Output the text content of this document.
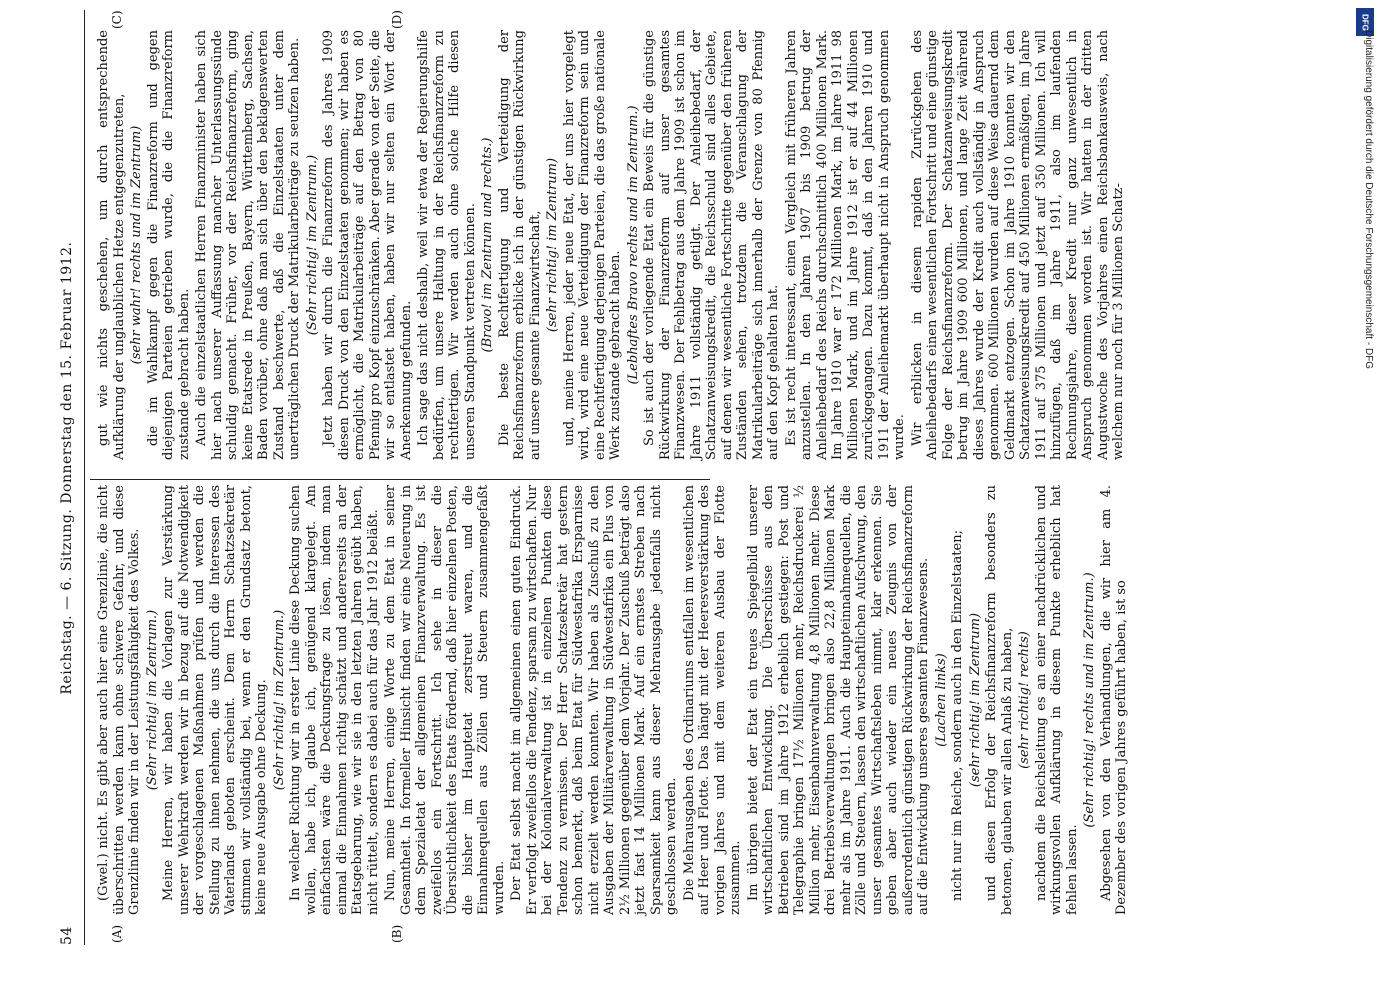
54
Reichstag. — 6. Sitzung. Donnerstag den 15. Februar 1912.
(A)	(B)
(C)	(D)
(Gwel.) nicht. Es gibt aber auch hier eine Grenzlinie, die nicht überschritten werden kann ohne schwere Gefahr, und diese Grenzlinie finden wir in der Leistungsfähigkeit des Volkes. (Sehr richtig! im Zentrum.) Meine Herren, wir haben die Vorlagen zur Verstärkung unserer Wehrkraft werden wir in bezug auf die Notwendigkeit der vorgeschlagenen Maßnahmen prüfen und werden die Stellung zu ihnen nehmen, die uns durch die Interessen des Vaterlands geboten erscheint. Dem Herrn Schatzsekretär stimmen wir vollständig bei, wenn er den Grundsatz betont, keine neue Ausgabe ohne Deckung. (Sehr richtig! im Zentrum.) In welcher Richtung wir in erster Linie diese Deckung suchen wollen, habe ich, glaube ich, genügend klargelegt. Am einfachsten wäre die Deckungsfrage zu lösen, indem man einmal die Einnahmen richtig schätzt und andererseits an der Etatsgebarung, wie wir sie in den letzten Jahren geübt haben, nicht rüttelt, sondern es dabei auch für das Jahr 1912 beläßt. Nun, meine Herren, einige Worte zu dem Etat in seiner Gesamtheit. In formeller Hinsicht finden wir eine Neuerung in dem Spezialetat der allgemeinen Finanzverwaltung. Es ist zweifellos ein Fortschritt. Ich sehe in dieser die Übersichtlichkeit des Etats fördernd, daß hier einzelnen Posten, die bisher im Hauptetat zerstreut waren, und die Einnahmequellen aus Zöllen und Steuern zusammengefaßt wurden. Der Etat selbst macht im allgemeinen einen guten Eindruck. Er verfolgt zweifellos die Tendenz, sparsam zu wirtschaften. Nur bei der Kolonialverwaltung ist in einzelnen Punkten diese Tendenz zu vermissen. Der Herr Schatzsekretär hat gestern schon bemerkt, daß beim Etat für Südwestafrika Ersparnisse nicht erzielt werden konnten. Wir haben als Zuschuß zu den Ausgaben der Militärverwaltung in Südwestafrika ein Plus von 2½ Millionen gegenüber dem Vorjahr. Der Zuschuß beträgt also jetzt fast 14 Millionen Mark. Auf ein ernstes Streben nach Sparsamkeit kann aus dieser Mehrausgabe jedenfalls nicht geschlossen werden. Die Mehrausgaben des Ordinariums entfallen im wesentlichen auf Heer und Flotte. Das hängt mit der Heeresverstärkung des vorigen Jahres und mit dem weiteren Ausbau der Flotte zusammen. Im übrigen bietet der Etat ein treues Spiegelbild unserer wirtschaftlichen Entwicklung. Die Überschüsse aus den Betrieben sind im Jahre 1912 erheblich gestiegen: Post und Telegraphie bringen 17½ Millionen mehr, Reichsdruckerei ½ Million mehr, Eisenbahnverwaltung 4,8 Millionen mehr. Diese drei Betriebsverwaltungen bringen also 22,8 Millionen Mark mehr als im Jahre 1911. Auch die Haupteinnahmequellen, die Zölle und Steuern, lassen den wirtschaftlichen Aufschwung, den unser gesamtes Wirtschaftsleben nimmt, klar erkennen. Sie geben aber auch wieder ein neues Zeugnis von der außerordentlich günstigen Rückwirkung der Reichsfinanzreform auf die Entwicklung unseres gesamten Finanzwesens. (Lachen links) nicht nur im Reiche, sondern auch in den Einzelstaaten; (sehr richtig! im Zentrum) und diesen Erfolg der Reichsfinanzreform besonders zu betonen, glauben wir allen Anlaß zu haben, (sehr richtig! rechts) nachdem die Reichsleitung es an einer nachdrücklichen und wirkungsvollen Aufklärung in diesem Punkte erheblich hat fehlen lassen.
(Sehr richtig! rechts und im Zentrum.) Abgesehen von den Verhandlungen, die wir hier am 4. Dezember des vorigen Jahres geführt haben, ist so
gut wie nichts geschehen, um durch entsprechende Aufklärung der unglaublichen Hetze entgegenzutreten, (sehr wahr! rechts und im Zentrum) die im Wahlkampf gegen die Finanzreform und gegen diejenigen Parteien getrieben wurde, die die Finanzreform zustande gebracht haben. Auch die einzelstaatlichen Herren Finanzminister haben sich hier nach unserer Auffassung mancher Unterlassungssünde schuldig gemacht. Früher, vor der Reichsfinanzreform, ging keine Etatsrede in Preußen, Bayern, Württemberg, Sachsen, Baden vorüber, ohne daß man sich über den beklagenswerten Zustand beschwerte, daß die Einzelstaaten unter dem unerträglichen Druck der Matrikularbeiträge zu seufzen haben. (Sehr richtig! im Zentrum.) Jetzt haben wir durch die Finanzreform des Jahres 1909 diesen Druck von den Einzelstaaten genommen; wir haben es ermöglicht, die Matrikularbeiträge auf den Betrag von 80 Pfennig pro Kopf einzuschränken. Aber gerade von der Seite, die wir so entlastet haben, haben wir nur selten ein Wort der Anerkennung gefunden. Ich sage das nicht deshalb, weil wir etwa der Regierungshilfe bedürfen, um unsere Haltung in der Reichsfinanzreform zu rechtfertigen. Wir werden auch ohne solche Hilfe diesen unseren Standpunkt vertreten können. (Bravo! im Zentrum und rechts.) Die beste Rechtfertigung und Verteidigung der Reichsfinanzreform erblicke ich in der günstigen Rückwirkung auf unsere gesamte Finanzwirtschaft, (sehr richtig! im Zentrum) und, meine Herren, jeder neue Etat, der uns hier vorgelegt wird, wird eine neue Verteidigung der Finanzreform sein und eine Rechtfertigung derjenigen Parteien, die das große nationale Werk zustande gebracht haben. (Lebhaftes Bravo rechts und im Zentrum.) So ist auch der vorliegende Etat ein Beweis für die günstige Rückwirkung der Finanzreform auf unser gesamtes Finanzwesen. Der Fehlbetrag aus dem Jahre 1909 ist schon im Jahre 1911 vollständig getilgt. Der Anleihebedarf, der Schatzanweisungskredit, die Reichsschuld sind alles Gebiete, auf denen wir wesentliche Fortschritte gegenüber den früheren Zuständen sehen, trotzdem die Veranschlagung der Matrikularbeiträge sich innerhalb der Grenze von 80 Pfennig auf den Kopf gehalten hat. Es ist recht interessant, einen Vergleich mit früheren Jahren anzustellen. In den Jahren 1907 bis 1909 betrug der Anleihebedarf des Reichs durchschnittlich 400 Millionen Mark. Im Jahre 1910 war er 172 Millionen Mark, im Jahre 1911 98 Millionen Mark, und im Jahre 1912 ist er auf 44 Millionen zurückgegangen. Dazu kommt, daß in den Jahren 1910 und 1911 der Anleihemarkt überhaupt nicht in Anspruch genommen wurde. Wir erblicken in diesem rapiden Zurückgehen des Anleihebedarfs einen wesentlichen Fortschritt und eine günstige Folge der Reichsfinanzreform. Der Schatzanweisungskredit betrug im Jahre 1909 600 Millionen, und lange Zeit während dieses Jahres wurde der Kredit auch vollständig in Anspruch genommen. 600 Millionen wurden auf diese Weise dauernd dem Geldmarkt entzogen. Schon im Jahre 1910 konnten wir den Schatzanweisungskredit auf 450 Millionen ermäßigen, im Jahre 1911 auf 375 Millionen und jetzt auf 350 Millionen. Ich will hinzufügen, daß im Jahre 1911, also im laufenden Rechnungsjahre, dieser Kredit nur ganz unwesentlich in Anspruch genommen worden ist. Wir hatten in der dritten Augustwoche des Vorjahres einen Reichsbankausweis, nach welchem nur noch für 3 Millionen Schatz-
DFG
Digitalisierung gefördert durch die Deutsche Forschungsgemeinschaft - DFG
